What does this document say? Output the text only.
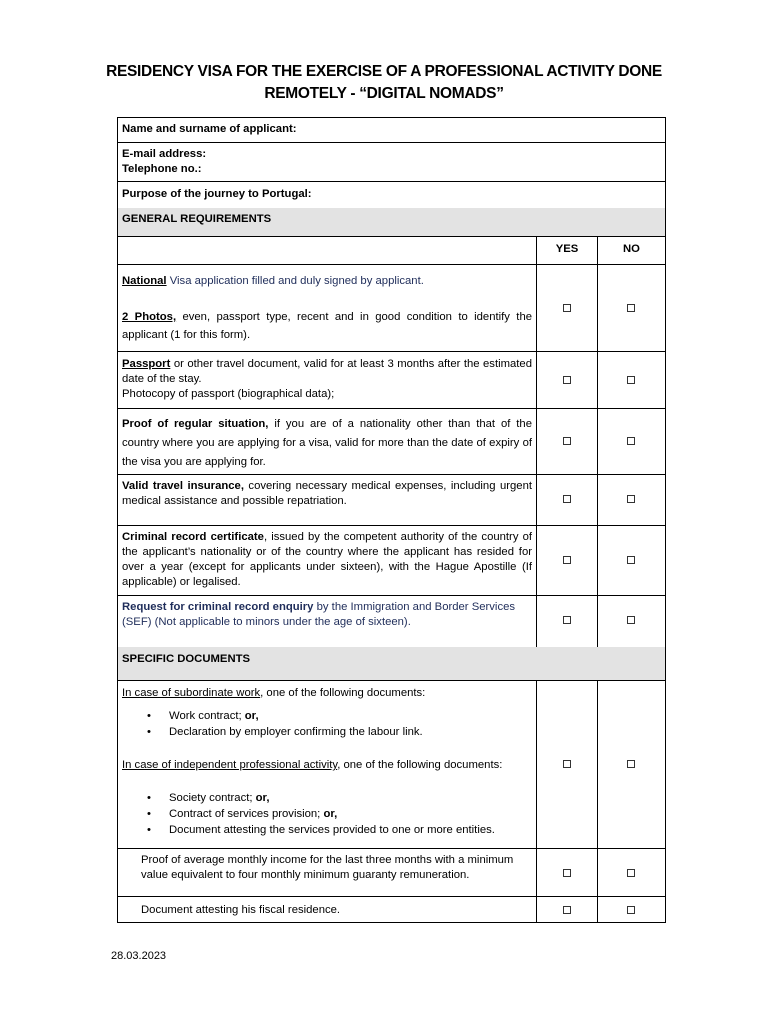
RESIDENCY VISA FOR THE EXERCISE OF A PROFESSIONAL ACTIVITY DONE
REMOTELY - “DIGITAL NOMADS”
Name and surname of applicant:
E-mail address:
Telephone no.:
Purpose of the journey to Portugal:
GENERAL REQUIREMENTS
YES	NO

National Visa application filled and duly signed by applicant.

2 Photos, even, passport type, recent and in good condition to identify the applicant (1 for this form).

Passport or other travel document, valid for at least 3 months after the estimated date of the stay.

Photocopy of passport (biographical data);

Proof of regular situation, if you are of a nationality other than that of the country where you are applying for a visa, valid for more than the date of expiry of the visa you are applying for.

Valid travel insurance, covering necessary medical expenses, including urgent medical assistance and possible repatriation.

Criminal record certificate, issued by the competent authority of the country of the applicant’s nationality or of the country where the applicant has resided for over a year (except for applicants under sixteen), with the Hague Apostille (If applicable) or legalised.

Request for criminal record enquiry by the Immigration and Border Services

(SEF) (Not applicable to minors under the age of sixteen).

SPECIFIC DOCUMENTS

In case of subordinate work, one of the following documents:

• Work contract; or,
• Declaration by employer confirming the labour link.

In case of independent professional activity, one of the following documents:

• Society contract; or,
• Contract of services provision; or,
• Document attesting the services provided to one or more entities.
Proof of average monthly income for the last three months with a minimum value equivalent to four monthly minimum guaranty remuneration.
Document attesting his fiscal residence.
28.03.2023
